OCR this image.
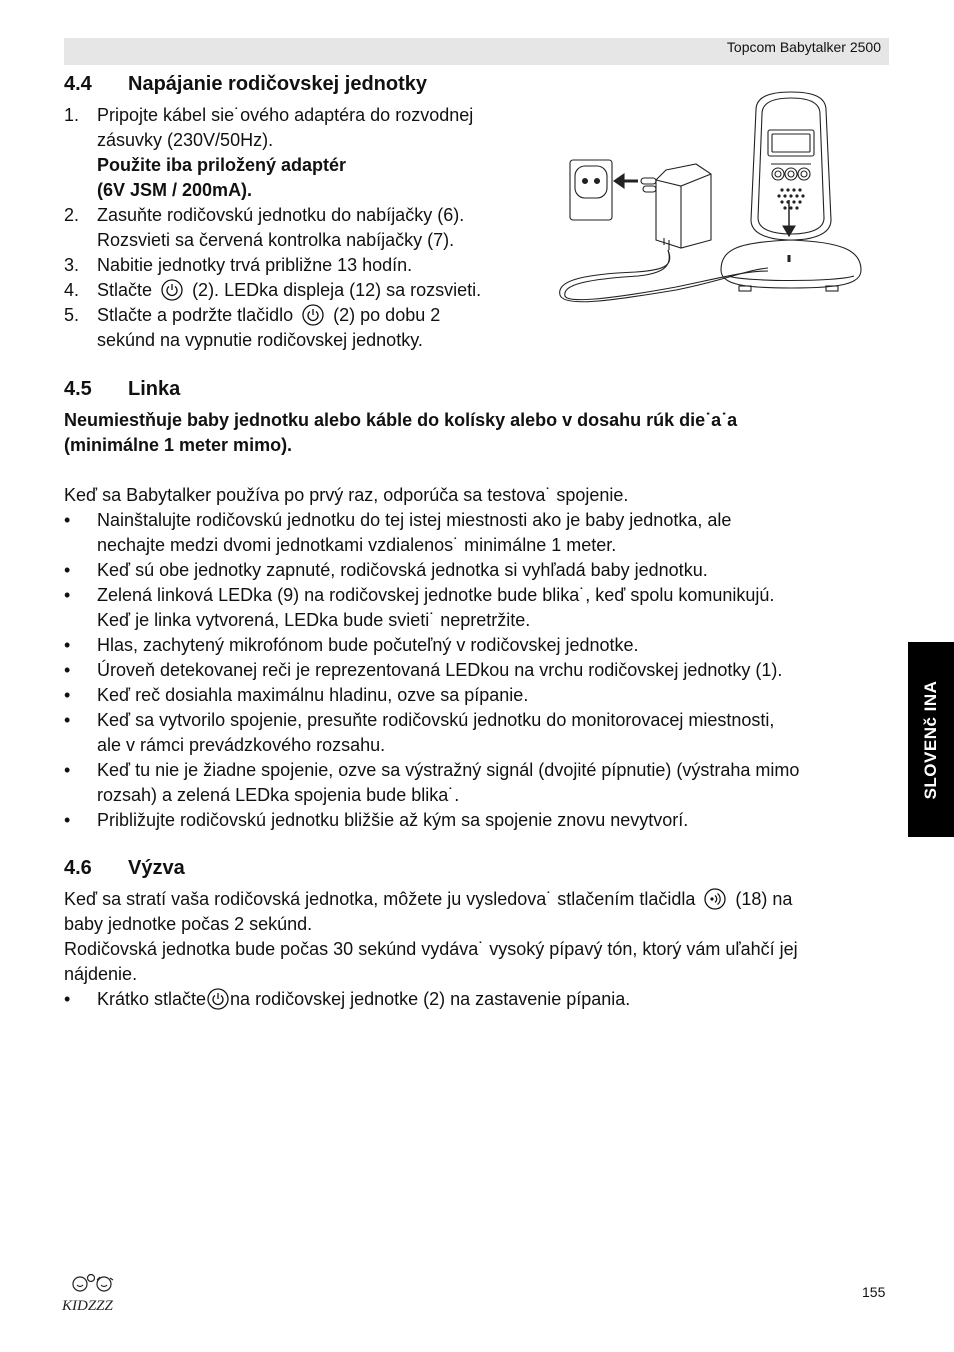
Topcom Babytalker 2500
4.4 Napájanie rodičovskej jednotky
1. Pripojte kábel sie˙ového adaptéra do rozvodnej
zásuvky (230V/50Hz).
Použite iba priložený adaptér
(6V JSM / 200mA).
2. Zasuňte rodičovskú jednotku do nabíjačky (6).
Rozsvieti sa červená kontrolka nabíjačky (7).
3. Nabitie jednotky trvá približne 13 hodín.
4. Stlačte (2). LEDka displeja (12) sa rozsvieti.
5. Stlačte a podržte tlačidlo (2) po dobu 2
sekúnd na vypnutie rodičovskej jednotky.
4.5 Linka
Neumiestňuje baby jednotku alebo káble do kolísky alebo v dosahu rúk die˙a˙a
(minimálne 1 meter mimo).
Keď sa Babytalker používa po prvý raz, odporúča sa testova˙ spojenie.
•	Nainštalujte rodičovskú jednotku do tej istej miestnosti ako je baby jednotka, ale
nechajte medzi dvomi jednotkami vzdialenos˙ minimálne 1 meter.
•	Keď sú obe jednotky zapnuté, rodičovská jednotka si vyhľadá baby jednotku.
•	Zelená linková LEDka (9) na rodičovskej jednotke bude blika˙, keď spolu komunikujú.
Keď je linka vytvorená, LEDka bude svieti˙ nepretržite.
•	Hlas, zachytený mikrofónom bude počuteľný v rodičovskej jednotke.
•	Úroveň detekovanej reči je reprezentovaná LEDkou na vrchu rodičovskej jednotky (1).
•	Keď reč dosiahla maximálnu hladinu, ozve sa pípanie.
•	Keď sa vytvorilo spojenie, presuňte rodičovskú jednotku do monitorovacej miestnosti,
ale v rámci prevádzkového rozsahu.
•	Keď tu nie je žiadne spojenie, ozve sa výstražný signál (dvojité pípnutie) (výstraha mimo
rozsah) a zelená LEDka spojenia bude blika˙.
•	Približujte rodičovskú jednotku bližšie až kým sa spojenie znovu nevytvorí.
4.6 Výzva
Keď sa stratí vaša rodičovská jednotka, môžete ju vysledova˙ stlačením tlačidla (18) na
baby jednotke počas 2 sekúnd.
Rodičovská jednotka bude počas 30 sekúnd vydáva˙ vysoký pípavý tón, ktorý vám uľahčí jej
nájdenie.
•	Krátko stlačte na rodičovskej jednotke (2) na zastavenie pípania.
SLOVENč INA
KIDZZZ
155
